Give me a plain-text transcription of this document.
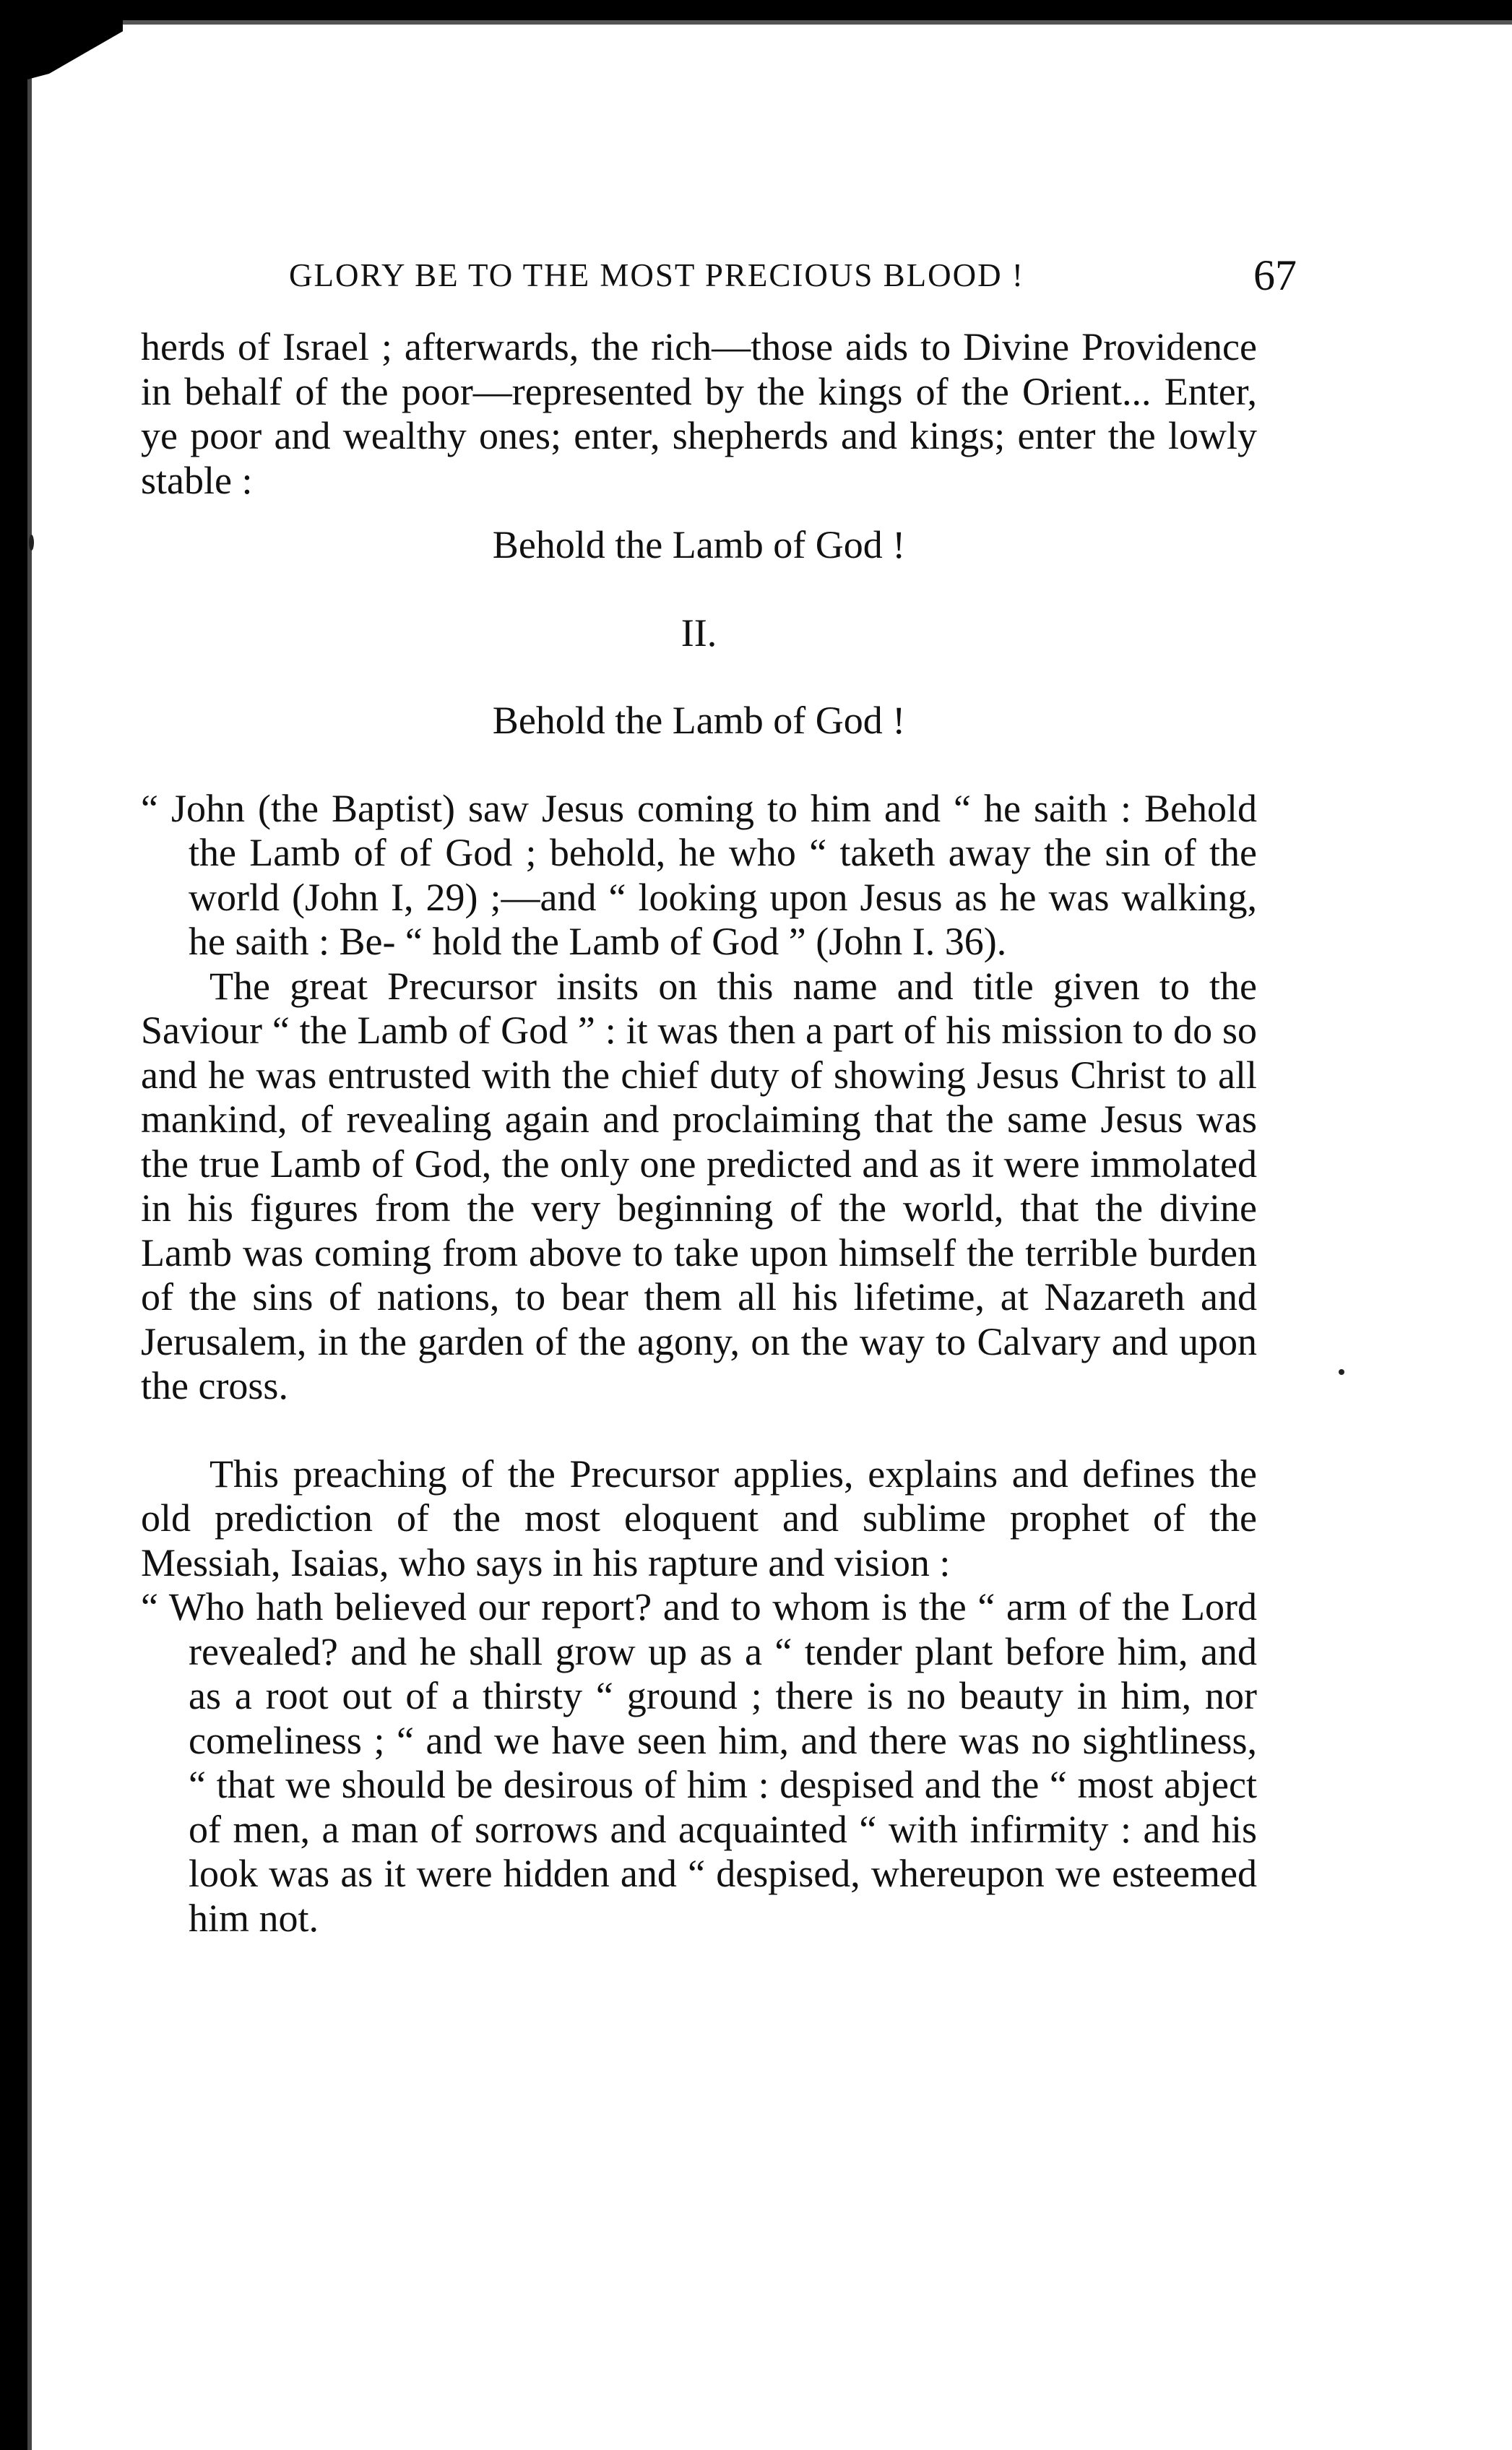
GLORY BE TO THE MOST PRECIOUS BLOOD !	67

herds of Israel ; afterwards, the rich—those aids to Divine Providence in behalf of the poor—represented by the kings of the Orient... Enter, ye poor and wealthy ones; enter, shepherds and kings; enter the lowly stable :

Behold the Lamb of God !

II.

Behold the Lamb of God !

“ John (the Baptist) saw Jesus coming to him and “ he saith : Behold the Lamb of of God ; behold, he who “ taketh away the sin of the world (John I, 29) ;—and “ looking upon Jesus as he was walking, he saith : Be- “ hold the Lamb of God ” (John I. 36).

The great Precursor insits on this name and title given to the Saviour “ the Lamb of God ” : it was then a part of his mission to do so and he was entrusted with the chief duty of showing Jesus Christ to all mankind, of revealing again and proclaiming that the same Jesus was the true Lamb of God, the only one predicted and as it were immolated in his figures from the very beginning of the world, that the divine Lamb was coming from above to take upon himself the terrible burden of the sins of nations, to bear them all his lifetime, at Nazareth and Jerusalem, in the garden of the agony, on the way to Calvary and upon the cross.

This preaching of the Precursor applies, explains and defines the old prediction of the most eloquent and sublime prophet of the Messiah, Isaias, who says in his rapture and vision :

“ Who hath believed our report? and to whom is the “ arm of the Lord revealed? and he shall grow up as a “ tender plant before him, and as a root out of a thirsty “ ground ; there is no beauty in him, nor comeliness ; “ and we have seen him, and there was no sightliness, “ that we should be desirous of him : despised and the “ most abject of men, a man of sorrows and acquainted “ with infirmity : and his look was as it were hidden and “ despised, whereupon we esteemed him not.
